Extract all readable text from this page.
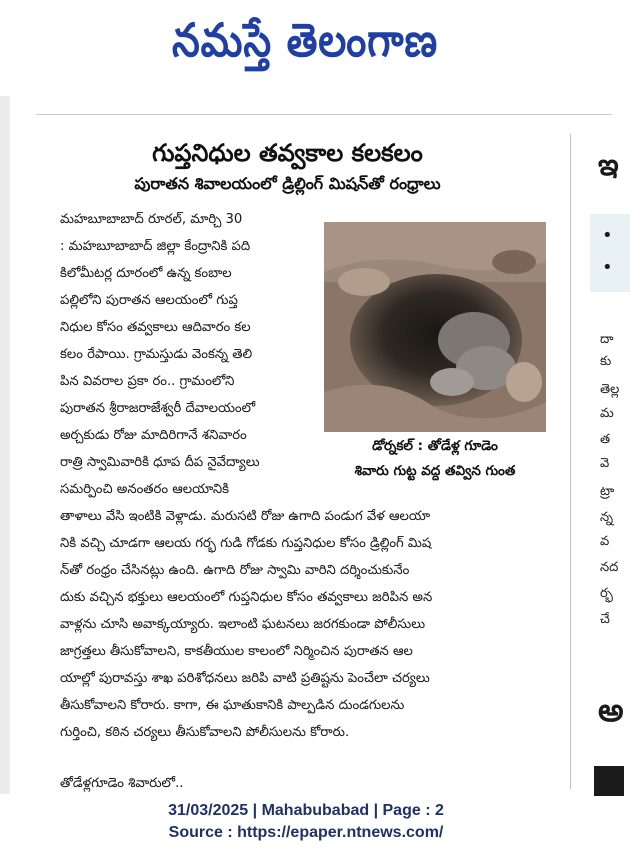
నమస్తే తెలంగాణ
గుప్తనిధుల తవ్వకాల కలకలం
పురాతన శివాలయంలో డ్రిల్లింగ్ మిషన్‌తో రంధ్రాలు
డోర్నకల్ : తోడేళ్ల గూడెం
శివారు గుట్ట వద్ద తవ్విన గుంత
మహబూబాబాద్ రూరల్, మార్చి 30
: మహబూబాబాద్ జిల్లా కేంద్రానికి పది
కిలోమీటర్ల దూరంలో ఉన్న కంబాల
పల్లిలోని పురాతన ఆలయంలో గుప్త
నిధుల కోసం తవ్వకాలు ఆదివారం కల
కలం రేపాయి. గ్రామస్తుడు వెంకన్న తెలి
పిన వివరాల ప్రకా రం.. గ్రామంలోని
పురాతన శ్రీరాజరాజేశ్వరీ దేవాలయంలో
అర్చకుడు రోజు మాదిరిగానే శనివారం
రాత్రి స్వామివారికి ధూప దీప నైవేద్యాలు
సమర్పించి అనంతరం ఆలయానికి
తాళాలు వేసి ఇంటికి వెళ్లాడు. మరుసటి రోజు ఉగాది పండుగ వేళ ఆలయా
నికి వచ్చి చూడగా ఆలయ గర్భ గుడి గోడకు గుప్తనిధుల కోసం డ్రిల్లింగ్ మిష
న్‌తో రంధ్రం చేసినట్లు ఉంది. ఉగాది రోజు స్వామి వారిని దర్శించుకునేం
దుకు వచ్చిన భక్తులు ఆలయంలో గుప్తనిధుల కోసం తవ్వకాలు జరిపిన అన
వాళ్లను చూసి అవాక్కయ్యారు. ఇలాంటి ఘటనలు జరగకుండా పోలీసులు
జాగ్రత్తలు తీసుకోవాలని, కాకతీయుల కాలంలో నిర్మించిన పురాతన ఆల
యాల్లో పురావస్తు శాఖ పరిశోధనలు జరిపి వాటి ప్రతిష్టను పెంచేలా చర్యలు
తీసుకోవాలని కోరారు. కాగా, ఈ ఘాతుకానికి పాల్పడిన దుండగులను
గుర్తించి, కఠిన చర్యలు తీసుకోవాలని పోలీసులను కోరారు.
తోడేళ్లగూడెం శివారులో..
ఇ
•
•
దా
కు
తెల్ల
మ
త
వె
ట్రా
న్న
వ
నద
ర్భ
చే
అ
31/03/2025 | Mahabubabad | Page : 2
Source : https://epaper.ntnews.com/
